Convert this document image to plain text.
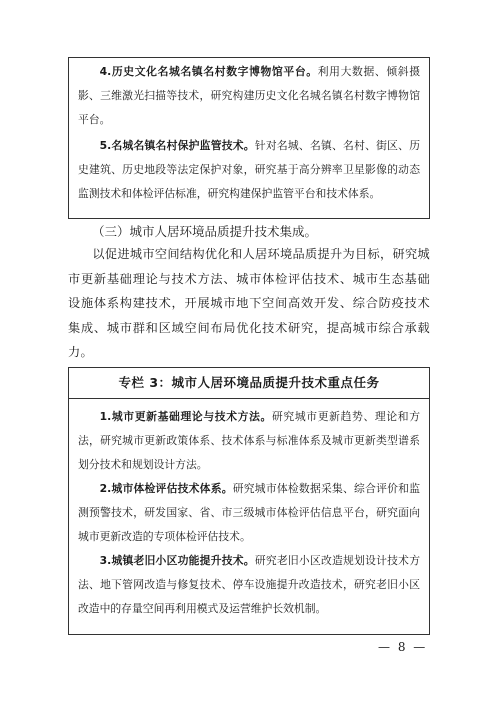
4.历史文化名城名镇名村数字博物馆平台。利用大数据、倾斜摄影、三维激光扫描等技术，研究构建历史文化名城名镇名村数字博物馆平台。

5.名城名镇名村保护监管技术。针对名城、名镇、名村、街区、历史建筑、历史地段等法定保护对象，研究基于高分辨率卫星影像的动态监测技术和体检评估标准，研究构建保护监管平台和技术体系。

（三）城市人居环境品质提升技术集成。

以促进城市空间结构优化和人居环境品质提升为目标，研究城市更新基础理论与技术方法、城市体检评估技术、城市生态基础设施体系构建技术，开展城市地下空间高效开发、综合防疫技术集成、城市群和区域空间布局优化技术研究，提高城市综合承载力。

专栏 3：城市人居环境品质提升技术重点任务

1.城市更新基础理论与技术方法。研究城市更新趋势、理论和方法，研究城市更新政策体系、技术体系与标准体系及城市更新类型谱系划分技术和规划设计方法。

2.城市体检评估技术体系。研究城市体检数据采集、综合评价和监测预警技术，研发国家、省、市三级城市体检评估信息平台，研究面向城市更新改造的专项体检评估技术。

3.城镇老旧小区功能提升技术。研究老旧小区改造规划设计技术方法、地下管网改造与修复技术、停车设施提升改造技术，研究老旧小区改造中的存量空间再利用模式及运营维护长效机制。

— 8 —
